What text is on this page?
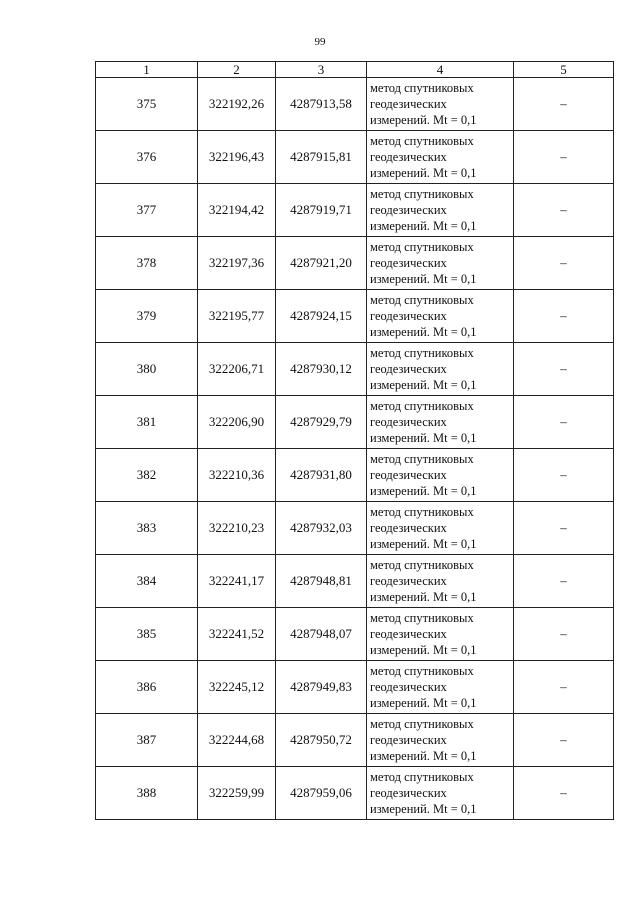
99
1	2	3	4	5
375	322192,26	4287913,58	метод спутниковых
геодезических
измерений. Mt = 0,1	–
376	322196,43	4287915,81	метод спутниковых
геодезических
измерений. Mt = 0,1	–
377	322194,42	4287919,71	метод спутниковых
геодезических
измерений. Mt = 0,1	–
378	322197,36	4287921,20	метод спутниковых
геодезических
измерений. Mt = 0,1	–
379	322195,77	4287924,15	метод спутниковых
геодезических
измерений. Mt = 0,1	–
380	322206,71	4287930,12	метод спутниковых
геодезических
измерений. Mt = 0,1	–
381	322206,90	4287929,79	метод спутниковых
геодезических
измерений. Mt = 0,1	–
382	322210,36	4287931,80	метод спутниковых
геодезических
измерений. Mt = 0,1	–
383	322210,23	4287932,03	метод спутниковых
геодезических
измерений. Mt = 0,1	–
384	322241,17	4287948,81	метод спутниковых
геодезических
измерений. Mt = 0,1	–
385	322241,52	4287948,07	метод спутниковых
геодезических
измерений. Mt = 0,1	–
386	322245,12	4287949,83	метод спутниковых
геодезических
измерений. Mt = 0,1	–
387	322244,68	4287950,72	метод спутниковых
геодезических
измерений. Mt = 0,1	–
388	322259,99	4287959,06	метод спутниковых
геодезических
измерений. Mt = 0,1	–
